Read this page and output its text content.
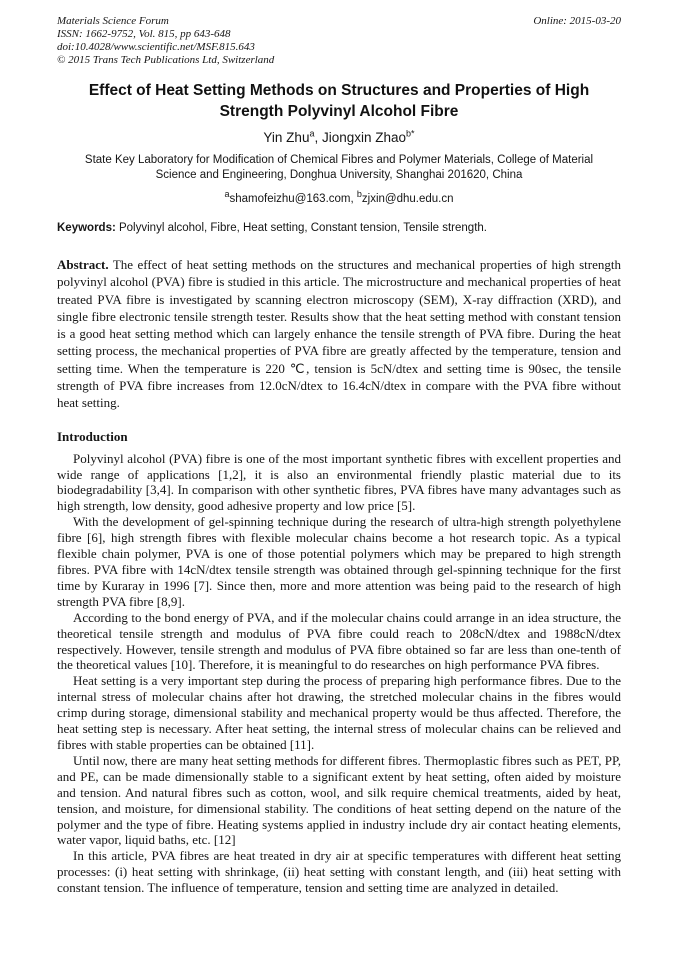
Materials Science Forum
ISSN: 1662-9752, Vol. 815, pp 643-648
doi:10.4028/www.scientific.net/MSF.815.643
© 2015 Trans Tech Publications Ltd, Switzerland
Online: 2015-03-20
Effect of Heat Setting Methods on Structures and Properties of High Strength Polyvinyl Alcohol Fibre
Yin Zhu$^a$, Jiongxin Zhao$^{b*}$
State Key Laboratory for Modification of Chemical Fibres and Polymer Materials, College of Material Science and Engineering, Donghua University, Shanghai 201620, China
$^a$shamofeizhu@163.com, $^b$zjxin@dhu.edu.cn
Keywords: Polyvinyl alcohol, Fibre, Heat setting, Constant tension, Tensile strength.
Abstract. The effect of heat setting methods on the structures and mechanical properties of high strength polyvinyl alcohol (PVA) fibre is studied in this article. The microstructure and mechanical properties of heat treated PVA fibre is investigated by scanning electron microscopy (SEM), X-ray diffraction (XRD), and single fibre electronic tensile strength tester. Results show that the heat setting method with constant tension is a good heat setting method which can largely enhance the tensile strength of PVA fibre. During the heat setting process, the mechanical properties of PVA fibre are greatly affected by the temperature, tension and setting time. When the temperature is 220 ℃, tension is 5cN/dtex and setting time is 90sec, the tensile strength of PVA fibre increases from 12.0cN/dtex to 16.4cN/dtex in compare with the PVA fibre without heat setting.
Introduction

Polyvinyl alcohol (PVA) fibre is one of the most important synthetic fibres with excellent properties and wide range of applications [1,2], it is also an environmental friendly plastic material due to its biodegradability [3,4]. In comparison with other synthetic fibres, PVA fibres have many advantages such as high strength, low density, good adhesive property and low price [5].

With the development of gel-spinning technique during the research of ultra-high strength polyethylene fibre [6], high strength fibres with flexible molecular chains become a hot research topic. As a typical flexible chain polymer, PVA is one of those potential polymers which may be prepared to high strength fibres. PVA fibre with 14cN/dtex tensile strength was obtained through gel-spinning technique for the first time by Kuraray in 1996 [7]. Since then, more and more attention was being paid to the research of high strength PVA fibre [8,9].

According to the bond energy of PVA, and if the molecular chains could arrange in an idea structure, the theoretical tensile strength and modulus of PVA fibre could reach to 208cN/dtex and 1988cN/dtex respectively. However, tensile strength and modulus of PVA fibre obtained so far are less than one-tenth of the theoretical values [10]. Therefore, it is meaningful to do researches on high performance PVA fibres.

Heat setting is a very important step during the process of preparing high performance fibres. Due to the internal stress of molecular chains after hot drawing, the stretched molecular chains in the fibres would crimp during storage, dimensional stability and mechanical property would be thus affected. Therefore, the heat setting step is necessary. After heat setting, the internal stress of molecular chains can be relieved and fibres with stable properties can be obtained [11].

Until now, there are many heat setting methods for different fibres. Thermoplastic fibres such as PET, PP, and PE, can be made dimensionally stable to a significant extent by heat setting, often aided by moisture and tension. And natural fibres such as cotton, wool, and silk require chemical treatments, aided by heat, tension, and moisture, for dimensional stability. The conditions of heat setting depend on the nature of the polymer and the type of fibre. Heating systems applied in industry include dry air contact heating elements, water vapor, liquid baths, etc. [12]

In this article, PVA fibres are heat treated in dry air at specific temperatures with different heat setting processes: (i) heat setting with shrinkage, (ii) heat setting with constant length, and (iii) heat setting with constant tension. The influence of temperature, tension and setting time are analyzed in detailed.
